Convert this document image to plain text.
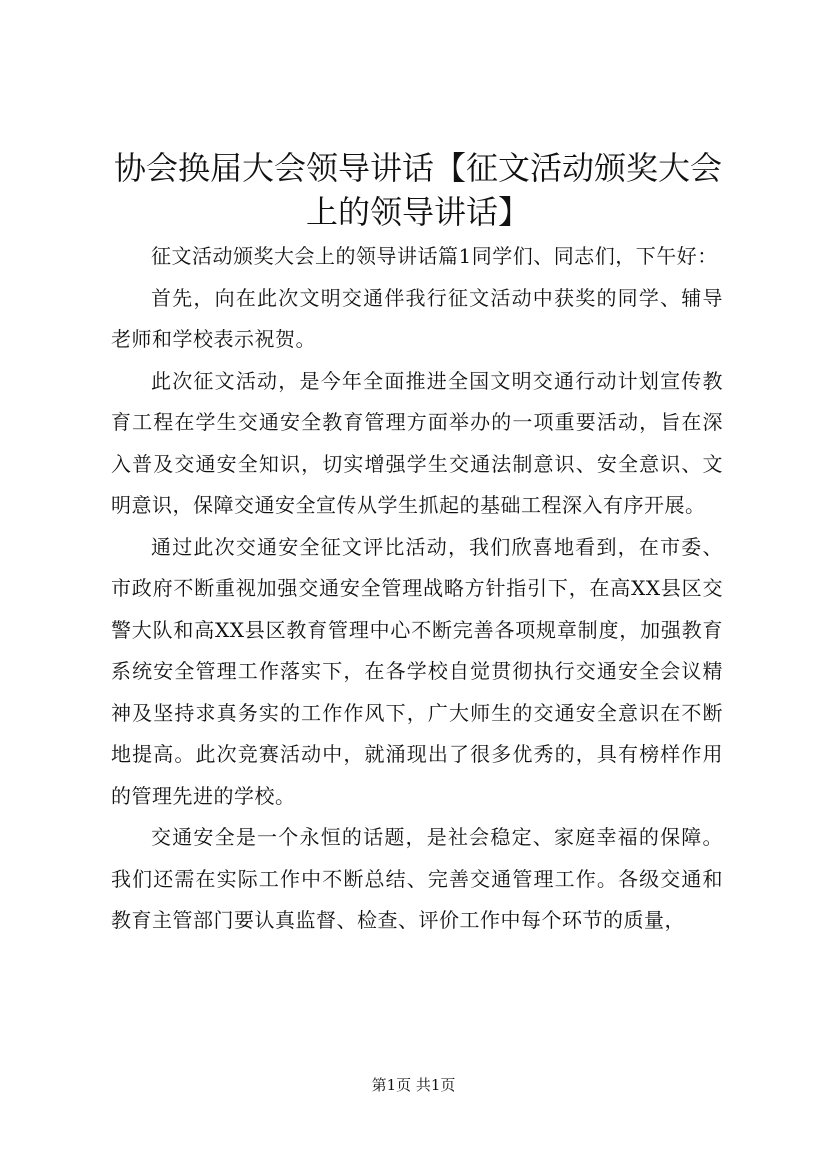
协会换届大会领导讲话【征文活动颁奖大会上的领导讲话】

征文活动颁奖大会上的领导讲话篇1同学们、同志们，下午好：

首先，向在此次文明交通伴我行征文活动中获奖的同学、辅导老师和学校表示祝贺。

此次征文活动，是今年全面推进全国文明交通行动计划宣传教育工程在学生交通安全教育管理方面举办的一项重要活动，旨在深入普及交通安全知识，切实增强学生交通法制意识、安全意识、文明意识，保障交通安全宣传从学生抓起的基础工程深入有序开展。

通过此次交通安全征文评比活动，我们欣喜地看到，在市委、市政府不断重视加强交通安全管理战略方针指引下，在高XX县区交警大队和高XX县区教育管理中心不断完善各项规章制度，加强教育系统安全管理工作落实下，在各学校自觉贯彻执行交通安全会议精神及坚持求真务实的工作作风下，广大师生的交通安全意识在不断地提高。此次竞赛活动中，就涌现出了很多优秀的，具有榜样作用的管理先进的学校。

交通安全是一个永恒的话题，是社会稳定、家庭幸福的保障。我们还需在实际工作中不断总结、完善交通管理工作。各级交通和教育主管部门要认真监督、检查、评价工作中每个环节的质量，

第1页 共1页
